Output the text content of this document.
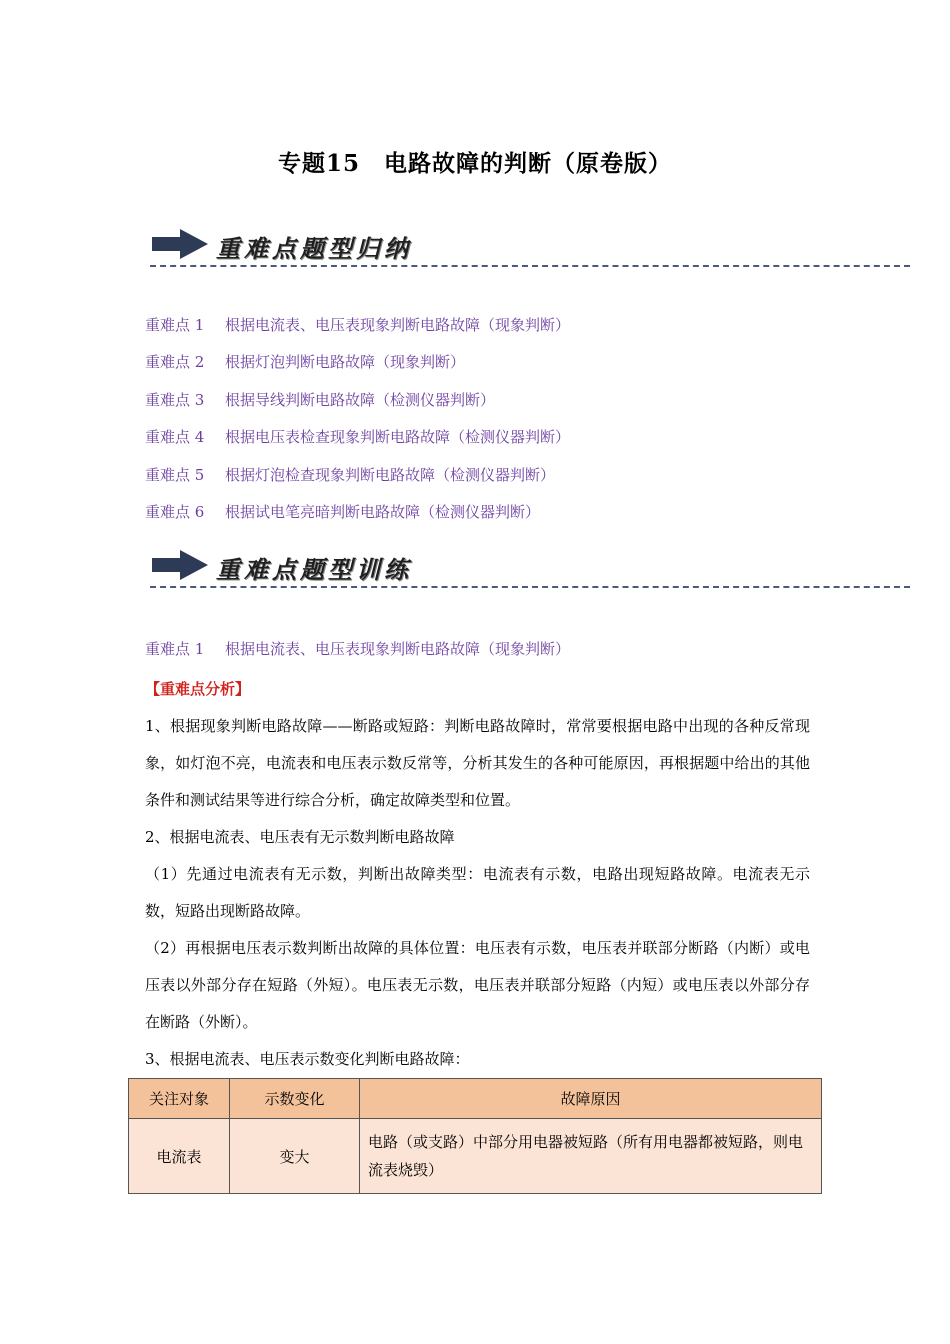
专题15　电路故障的判断（原卷版）
重难点题型归纳
重难点 1 根据电流表、电压表现象判断电路故障（现象判断）
重难点 2 根据灯泡判断电路故障（现象判断）
重难点 3 根据导线判断电路故障（检测仪器判断）
重难点 4 根据电压表检查现象判断电路故障（检测仪器判断）
重难点 5 根据灯泡检查现象判断电路故障（检测仪器判断）
重难点 6 根据试电笔亮暗判断电路故障（检测仪器判断）
重难点题型训练
重难点 1 根据电流表、电压表现象判断电路故障（现象判断）
【重难点分析】

1、根据现象判断电路故障——断路或短路：判断电路故障时，常常要根据电路中出现的各种反常现象，如灯泡不亮，电流表和电压表示数反常等，分析其发生的各种可能原因，再根据题中给出的其他条件和测试结果等进行综合分析，确定故障类型和位置。

2、根据电流表、电压表有无示数判断电路故障

（1）先通过电流表有无示数，判断出故障类型：电流表有示数，电路出现短路故障。电流表无示数，短路出现断路故障。

（2）再根据电压表示数判断出故障的具体位置：电压表有示数，电压表并联部分断路（内断）或电压表以外部分存在短路（外短）。电压表无示数，电压表并联部分短路（内短）或电压表以外部分存在断路（外断）。

3、根据电流表、电压表示数变化判断电路故障：

关注对象	示数变化	故障原因
电流表	变大	电路（或支路）中部分用电器被短路（所有用电器都被短路，则电流表烧毁）
